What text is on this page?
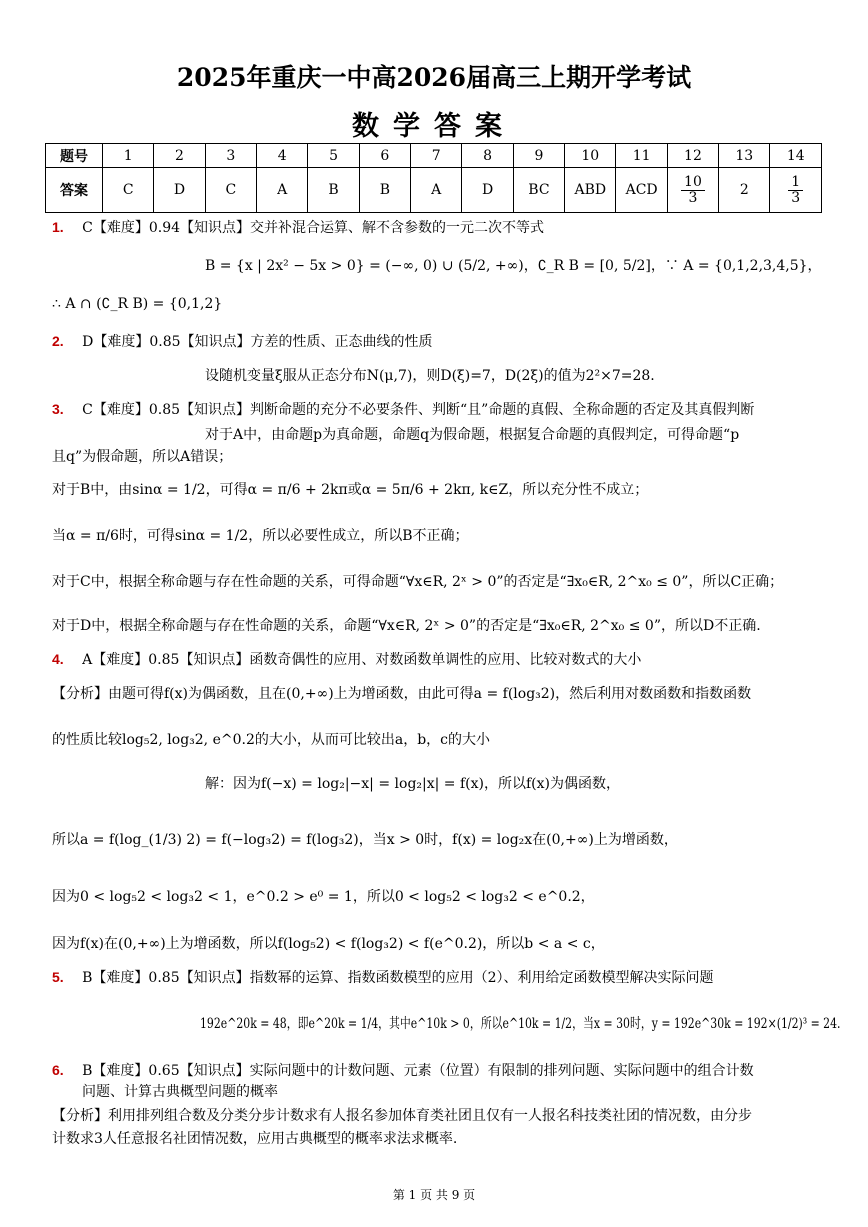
2025年重庆一中高2026届高三上期开学考试
数学答案
题号	1	2	3	4	5	6	7	8	9	10	11	12	13	14
答案	C	D	C	A	B	B	A	D	BC	ABD	ACD	$\frac{10}{3}$	2	$\frac{1}{3}$
1. C【难度】0.94【知识点】交并补混合运算、解不含参数的一元二次不等式
B = {x | 2x² − 5x > 0} = (−∞, 0) ∪ (5/2, +∞)，∁_R B = [0, 5/2]，∵ A = {0,1,2,3,4,5}，
∴ A ∩ (∁_R B) = {0,1,2}
2. D【难度】0.85【知识点】方差的性质、正态曲线的性质
设随机变量ξ服从正态分布N(μ,7)，则D(ξ)=7，D(2ξ)的值为2²×7=28.
3. C【难度】0.85【知识点】判断命题的充分不必要条件、判断“且”命题的真假、全称命题的否定及其真假判断
对于A中，由命题p为真命题，命题q为假命题，根据复合命题的真假判定，可得命题“p
且q”为假命题，所以A错误；
对于B中，由sinα = 1/2，可得α = π/6 + 2kπ或α = 5π/6 + 2kπ, k∈Z，所以充分性不成立；
当α = π/6时，可得sinα = 1/2，所以必要性成立，所以B不正确；
对于C中，根据全称命题与存在性命题的关系，可得命题“∀x∈R, 2ˣ > 0”的否定是“∃x₀∈R, 2^x₀ ≤ 0”，所以C正确；
对于D中，根据全称命题与存在性命题的关系，命题“∀x∈R, 2ˣ > 0”的否定是“∃x₀∈R, 2^x₀ ≤ 0”，所以D不正确.
4. A【难度】0.85【知识点】函数奇偶性的应用、对数函数单调性的应用、比较对数式的大小
【分析】由题可得f(x)为偶函数，且在(0,+∞)上为增函数，由此可得a = f(log₃2)，然后利用对数函数和指数函数
的性质比较log₅2, log₃2, e^0.2的大小，从而可比较出a，b，c的大小
解：因为f(−x) = log₂|−x| = log₂|x| = f(x)，所以f(x)为偶函数，
所以a = f(log_(1/3) 2) = f(−log₃2) = f(log₃2)，当x > 0时，f(x) = log₂x在(0,+∞)上为增函数，
因为0 < log₅2 < log₃2 < 1，e^0.2 > e⁰ = 1，所以0 < log₅2 < log₃2 < e^0.2，
因为f(x)在(0,+∞)上为增函数，所以f(log₅2) < f(log₃2) < f(e^0.2)，所以b < a < c，
5. B【难度】0.85【知识点】指数幂的运算、指数函数模型的应用（2）、利用给定函数模型解决实际问题
192e^20k = 48，即e^20k = 1/4，其中e^10k > 0，所以e^10k = 1/2，当x = 30时，y = 192e^30k = 192×(1/2)³ = 24.
6. B【难度】0.65【知识点】实际问题中的计数问题、元素（位置）有限制的排列问题、实际问题中的组合计数
问题、计算古典概型问题的概率
【分析】利用排列组合数及分类分步计数求有人报名参加体育类社团且仅有一人报名科技类社团的情况数，由分步
计数求3人任意报名社团情况数，应用古典概型的概率求法求概率.
第 1 页 共 9 页
